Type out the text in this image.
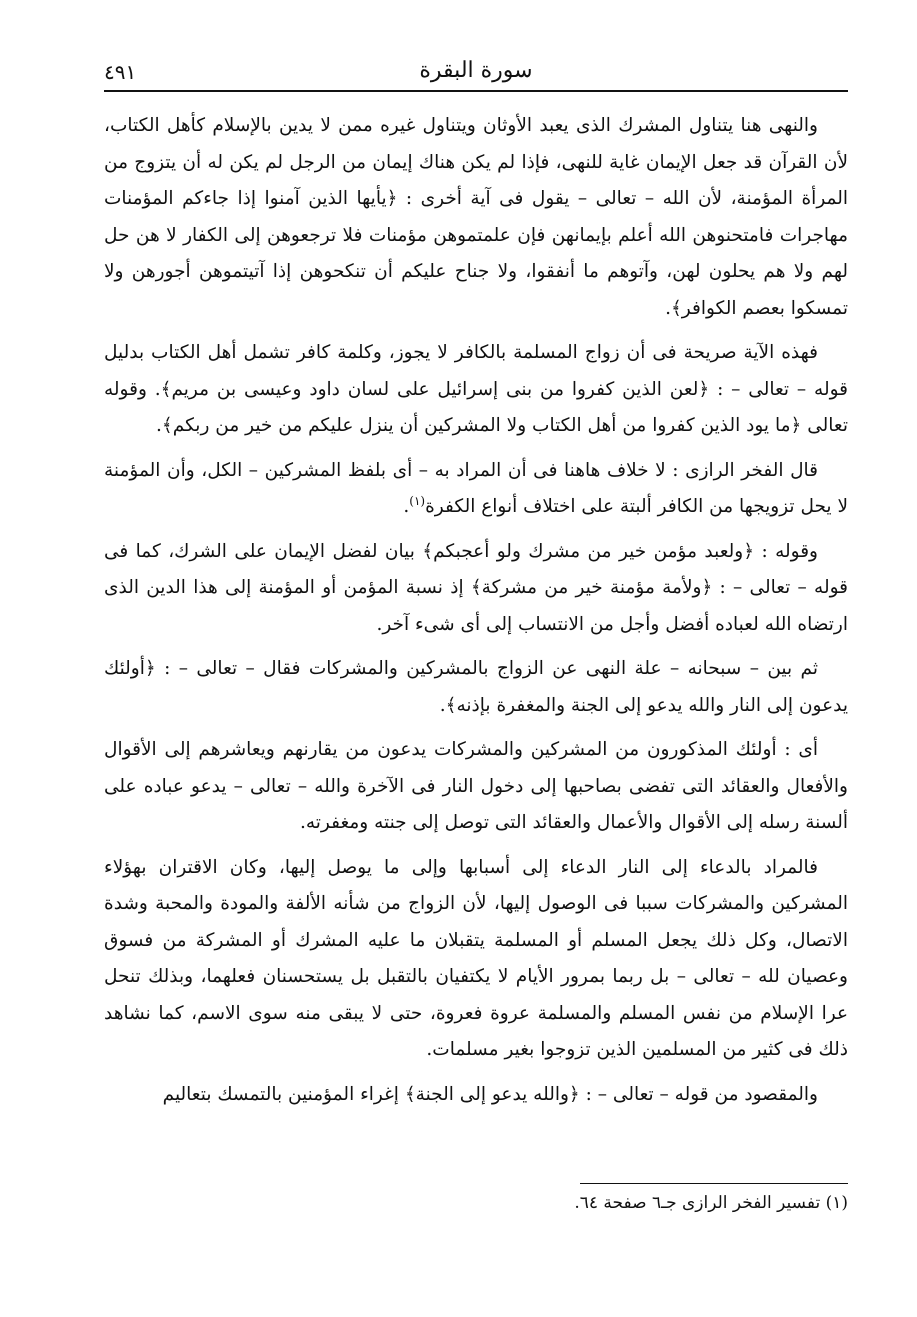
٤٩١	سورة البقرة

والنهى هنا يتناول المشرك الذى يعبد الأوثان ويتناول غيره ممن لا يدين بالإسلام كأهل الكتاب، لأن القرآن قد جعل الإيمان غاية للنهى، فإذا لم يكن هناك إيمان من الرجل لم يكن له أن يتزوج من المرأة المؤمنة، لأن الله – تعالى – يقول فى آية أخرى : ﴿يأيها الذين آمنوا إذا جاءكم المؤمنات مهاجرات فامتحنوهن الله أعلم بإيمانهن فإن علمتموهن مؤمنات فلا ترجعوهن إلى الكفار لا هن حل لهم ولا هم يحلون لهن، وآتوهم ما أنفقوا، ولا جناح عليكم أن تنكحوهن إذا آتيتموهن أجورهن ولا تمسكوا بعصم الكوافر﴾.

فهذه الآية صريحة فى أن زواج المسلمة بالكافر لا يجوز، وكلمة كافر تشمل أهل الكتاب بدليل قوله – تعالى – : ﴿لعن الذين كفروا من بنى إسرائيل على لسان داود وعيسى بن مريم﴾. وقوله تعالى ﴿ما يود الذين كفروا من أهل الكتاب ولا المشركين أن ينزل عليكم من خير من ربكم﴾.

قال الفخر الرازى : لا خلاف هاهنا فى أن المراد به – أى بلفظ المشركين – الكل، وأن المؤمنة لا يحل تزويجها من الكافر ألبتة على اختلاف أنواع الكفرة$^{(١)}$.

وقوله : ﴿ولعبد مؤمن خير من مشرك ولو أعجبكم﴾ بيان لفضل الإيمان على الشرك، كما فى قوله – تعالى – : ﴿ولأمة مؤمنة خير من مشركة﴾ إذ نسبة المؤمن أو المؤمنة إلى هذا الدين الذى ارتضاه الله لعباده أفضل وأجل من الانتساب إلى أى شىء آخر.

ثم بين – سبحانه – علة النهى عن الزواج بالمشركين والمشركات فقال – تعالى – : ﴿أولئك يدعون إلى النار والله يدعو إلى الجنة والمغفرة بإذنه﴾.

أى : أولئك المذكورون من المشركين والمشركات يدعون من يقارنهم ويعاشرهم إلى الأقوال والأفعال والعقائد التى تفضى بصاحبها إلى دخول النار فى الآخرة والله – تعالى – يدعو عباده على ألسنة رسله إلى الأقوال والأعمال والعقائد التى توصل إلى جنته ومغفرته.

فالمراد بالدعاء إلى النار الدعاء إلى أسبابها وإلى ما يوصل إليها، وكان الاقتران بهؤلاء المشركين والمشركات سببا فى الوصول إليها، لأن الزواج من شأنه الألفة والمودة والمحبة وشدة الاتصال، وكل ذلك يجعل المسلم أو المسلمة يتقبلان ما عليه المشرك أو المشركة من فسوق وعصيان لله – تعالى – بل ربما بمرور الأيام لا يكتفيان بالتقبل بل يستحسنان فعلهما، وبذلك تنحل عرا الإسلام من نفس المسلم والمسلمة عروة فعروة، حتى لا يبقى منه سوى الاسم، كما نشاهد ذلك فى كثير من المسلمين الذين تزوجوا بغير مسلمات.

والمقصود من قوله – تعالى – : ﴿والله يدعو إلى الجنة﴾ إغراء المؤمنين بالتمسك بتعاليم

(١) تفسير الفخر الرازى جـ٦ صفحة ٦٤.
